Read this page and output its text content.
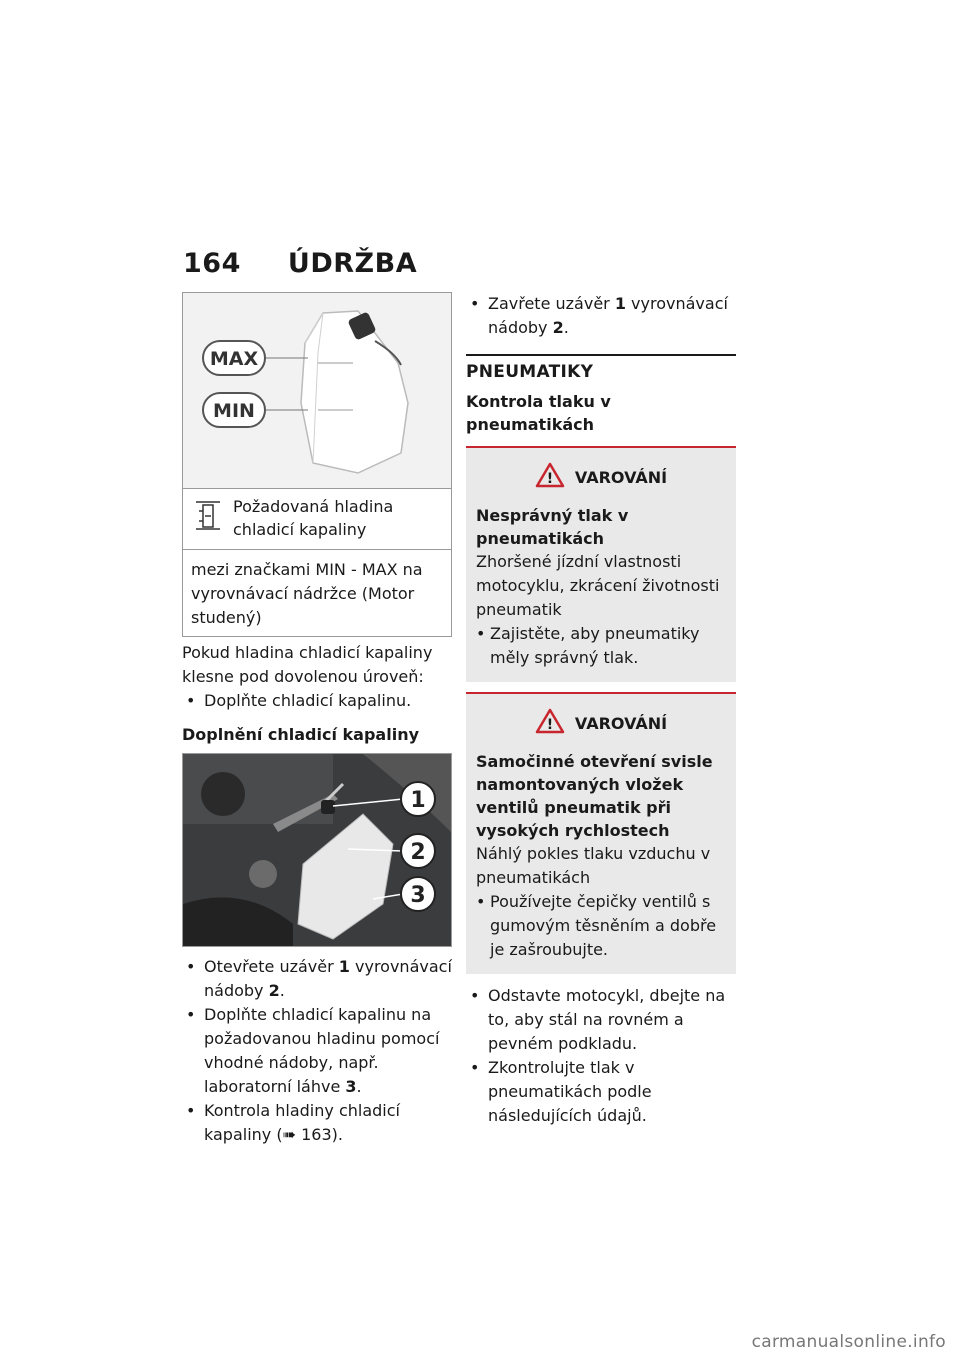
164 ÚDRŽBA
MAX
MIN
Požadovaná hladina chladicí kapaliny
mezi značkami MIN - MAX na vyrovnávací nádržce (Motor studený)

Pokud hladina chladicí kapaliny klesne pod dovolenou úroveň:

• Doplňte chladicí kapalinu.
Doplnění chladicí kapaliny
1
2
3
• Otevřete uzávěr 1 vyrovnávací nádoby 2.
• Doplňte chladicí kapalinu na požadovanou hladinu pomocí vhodné nádoby, např. laboratorní láhve 3.
• Kontrola hladiny chladicí kapaliny (➠ 163).
• Zavřete uzávěr 1 vyrovnávací nádoby 2.
PNEUMATIKY
Kontrola tlaku v pneumatikách
! VAROVÁNÍ
Nesprávný tlak v pneumatikách

Zhoršené jízdní vlastnosti motocyklu, zkrácení životnosti pneumatik

• Zajistěte, aby pneumatiky měly správný tlak.
! VAROVÁNÍ
Samočinné otevření svisle namontovaných vložek ventilů pneumatik při vysokých rychlostech

Náhlý pokles tlaku vzduchu v pneumatikách

• Používejte čepičky ventilů s gumovým těsněním a dobře je zašroubujte.
• Odstavte motocykl, dbejte na to, aby stál na rovném a pevném podkladu.
• Zkontrolujte tlak v pneumatikách podle následujících údajů.
carmanualsonline.info
